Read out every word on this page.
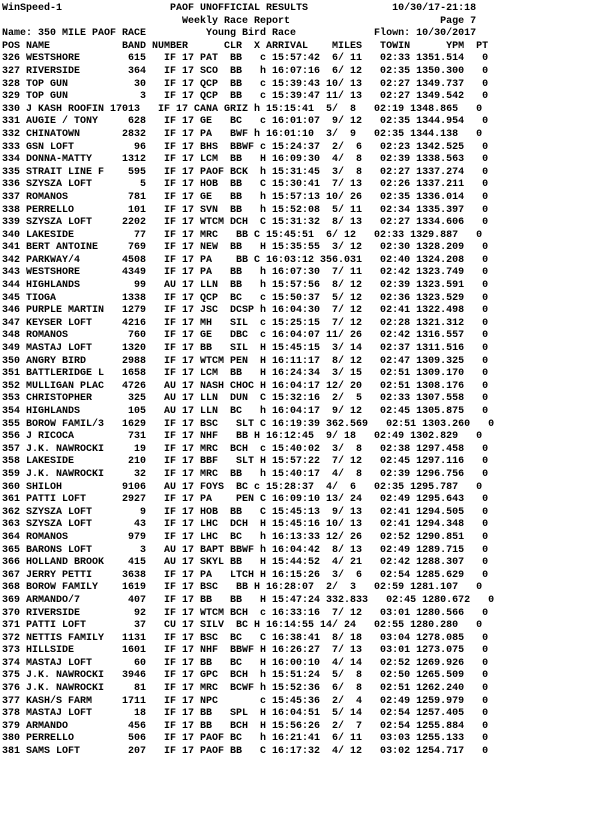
WinSpeed-1                  PAOF UNOFFICIAL RESULTS              10/30/17-21:18
Weekly Race Report                         Page 7
Name: 350 MILE PAOF RACE          Young Bird Race             Flown: 10/30/2017
POS NAME            BAND NUMBER      CLR  X ARRIVAL    MILES   TOWIN      YPM  PT
326 WESTSHORE        615   IF 17 PAT  BB   c 15:57:42  6/ 11   02:33 1351.514   0
327 RIVERSIDE        364   IF 17 SCO  BB   h 16:07:16  6/ 12   02:35 1350.300   0
328 TOP GUN           30   IF 17 QCP  BB   c 15:39:43 10/ 13   02:27 1349.737   0
329 TOP GUN            3   IF 17 QCP  BB   c 15:39:47 11/ 13   02:27 1349.542   0
330 J KASH ROOFIN 17013   IF 17 CANA GRIZ h 15:15:41  5/  8   02:19 1348.865   0
331 AUGIE / TONY     628   IF 17 GE   BC   c 16:01:07  9/ 12   02:35 1344.954   0
332 CHINATOWN       2832   IF 17 PA   BWF h 16:01:10  3/  9   02:35 1344.138   0
333 GSN LOFT          96   IF 17 BHS  BBWF c 15:24:37  2/  6   02:23 1342.525   0
334 DONNA-MATTY     1312   IF 17 LCM  BB   H 16:09:30  4/  8   02:39 1338.563   0
335 STRAIT LINE F    595   IF 17 PAOF BCK  h 15:31:45  3/  8   02:27 1337.274   0
336 SZYSZA LOFT        5   IF 17 HOB  BB   C 15:30:41  7/ 13   02:26 1337.211   0
337 ROMANOS          781   IF 17 GE   BB   h 15:57:13 10/ 26   02:35 1336.014   0
338 PERRELLO         101   IF 17 SVN  BB   h 15:52:08  5/ 11   02:34 1335.397   0
339 SZYSZA LOFT     2202   IF 17 WTCM DCH  C 15:31:32  8/ 13   02:27 1334.606   0
340 LAKESIDE          77   IF 17 MRC   BB C 15:45:51  6/ 12   02:33 1329.887   0
341 BERT ANTOINE     769   IF 17 NEW  BB   H 15:35:55  3/ 12   02:30 1328.209   0
342 PARKWAY/4       4508   IF 17 PA    BB C 16:03:12 356.031   02:40 1324.208   0
343 WESTSHORE       4349   IF 17 PA   BB   h 16:07:30  7/ 11   02:42 1323.749   0
344 HIGHLANDS         99   AU 17 LLN  BB   h 15:57:56  8/ 12   02:39 1323.591   0
345 TIOGA           1338   IF 17 QCP  BC   c 15:50:37  5/ 12   02:36 1323.529   0
346 PURPLE MARTIN   1279   IF 17 JSC  DCSP h 16:04:30  7/ 12   02:41 1322.498   0
347 KEYSER LOFT     4216   IF 17 MH   SIL  c 15:25:15  7/ 12   02:28 1321.312   0
348 ROMANOS          760   IF 17 GE   DBC  c 16:04:07 11/ 26   02:42 1316.557   0
349 MASTAJ LOFT     1320   IF 17 BB   SIL  H 15:45:15  3/ 14   02:37 1311.516   0
350 ANGRY BIRD      2988   IF 17 WTCM PEN  H 16:11:17  8/ 12   02:47 1309.325   0
351 BATTLERIDGE L   1658   IF 17 LCM  BB   H 16:24:34  3/ 15   02:51 1309.170   0
352 MULLIGAN PLAC   4726   AU 17 NASH CHOC H 16:04:17 12/ 20   02:51 1308.176   0
353 CHRISTOPHER      325   AU 17 LLN  DUN  C 15:32:16  2/  5   02:33 1307.558   0
354 HIGHLANDS        105   AU 17 LLN  BC   h 16:04:17  9/ 12   02:45 1305.875   0
355 BOROW FAMIL/3   1629   IF 17 BSC   SLT C 16:19:39 362.569   02:51 1303.260   0
356 J RICOCA         731   IF 17 NHF   BB H 16:12:45  9/ 18   02:49 1302.829   0
357 J.K. NAWROCKI     19   IF 17 MRC  BCH  c 15:40:02  3/  8   02:38 1297.458   0
358 LAKESIDE         210   IF 17 BBF   SLT H 15:57:22  7/ 12   02:45 1297.116   0
359 J.K. NAWROCKI     32   IF 17 MRC  BB   h 15:40:17  4/  8   02:39 1296.756   0
360 SHILOH          9106   AU 17 FOYS  BC c 15:28:37  4/  6   02:35 1295.787   0
361 PATTI LOFT      2927   IF 17 PA    PEN C 16:09:10 13/ 24   02:49 1295.643   0
362 SZYSZA LOFT        9   IF 17 HOB  BB   C 15:45:13  9/ 13   02:41 1294.505   0
363 SZYSZA LOFT       43   IF 17 LHC  DCH  H 15:45:16 10/ 13   02:41 1294.348   0
364 ROMANOS          979   IF 17 LHC  BC   h 16:13:33 12/ 26   02:52 1290.851   0
365 BARONS LOFT        3   AU 17 BAPT BBWF h 16:04:42  8/ 13   02:49 1289.715   0
366 HOLLAND BROOK    415   AU 17 SKYL BB   H 15:44:52  4/ 21   02:42 1288.307   0
367 JERRY PETTI     3638   IF 17 PA   LTCH H 16:15:26  3/  6   02:54 1285.629   0
368 BOROW FAMILY    1619   IF 17 BSC   BB H 16:28:07  2/  3   02:59 1281.107   0
369 ARMANDO/7        407   IF 17 BB   BB   H 15:47:24 332.833   02:45 1280.672   0
370 RIVERSIDE         92   IF 17 WTCM BCH  c 16:33:16  7/ 12   03:01 1280.566   0
371 PATTI LOFT        37   CU 17 SILV  BC H 16:14:55 14/ 24   02:55 1280.280   0
372 NETTIS FAMILY   1131   IF 17 BSC  BC   C 16:38:41  8/ 18   03:04 1278.085   0
373 HILLSIDE        1601   IF 17 NHF  BBWF H 16:26:27  7/ 13   03:01 1273.075   0
374 MASTAJ LOFT       60   IF 17 BB   BC   H 16:00:10  4/ 14   02:52 1269.926   0
375 J.K. NAWROCKI   3946   IF 17 GPC  BCH  h 15:51:24  5/  8   02:50 1265.509   0
376 J.K. NAWROCKI     81   IF 17 MRC  BCWF h 15:52:36  6/  8   02:51 1262.240   0
377 KASH/S FARM     1711   IF 17 NPC       c 15:45:36  2/  4   02:49 1259.979   0
378 MASTAJ LOFT       18   IF 17 BB   SPL  H 16:04:51  5/ 14   02:54 1257.405   0
379 ARMANDO          456   IF 17 BB   BCH  H 15:56:26  2/  7   02:54 1255.884   0
380 PERRELLO         506   IF 17 PAOF BC   h 16:21:41  6/ 11   03:03 1255.133   0
381 SAMS LOFT        207   IF 17 PAOF BB   C 16:17:32  4/ 12   03:02 1254.717   0
